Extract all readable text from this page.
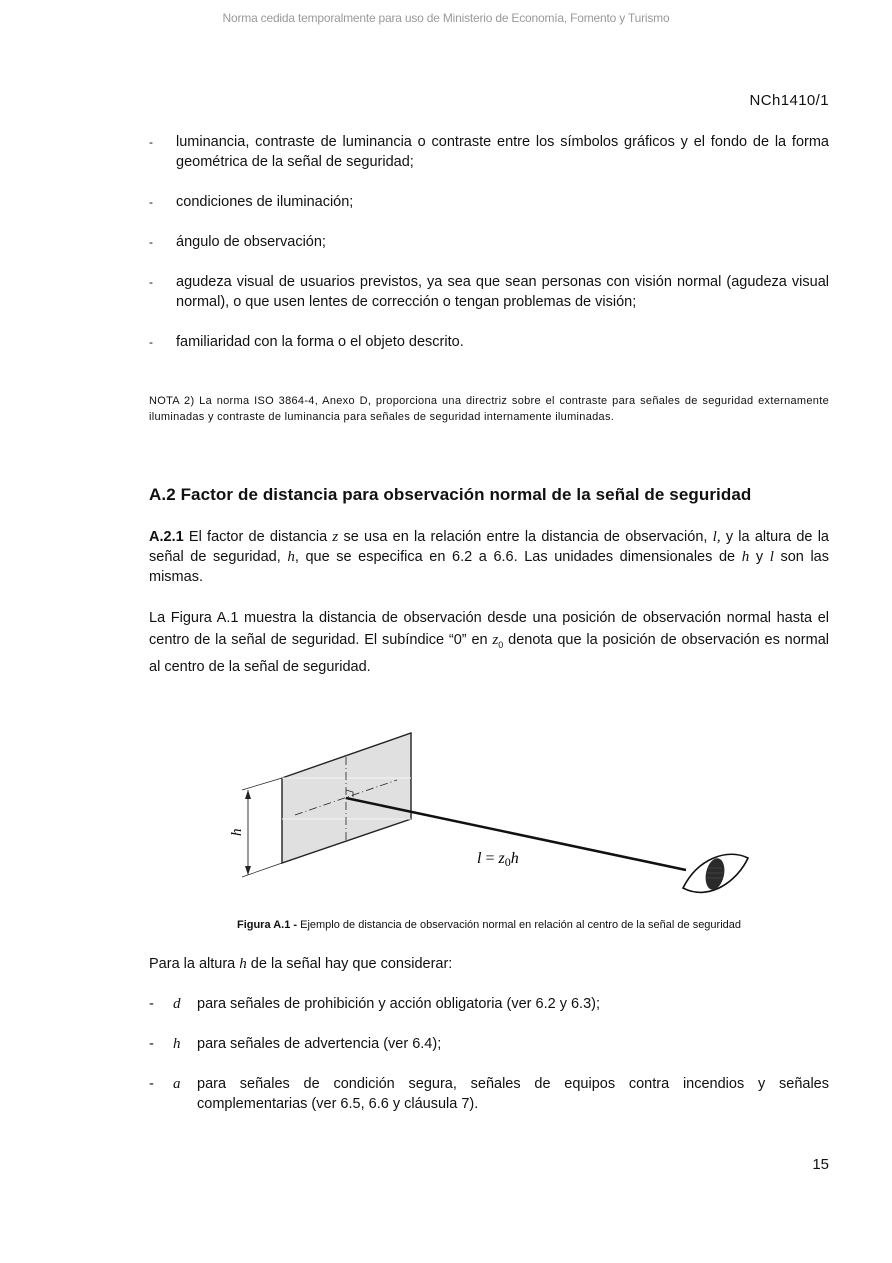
Norma cedida temporalmente para uso de Ministerio de Economía, Fomento y Turismo
NCh1410/1
- luminancia, contraste de luminancia o contraste entre los símbolos gráficos y el fondo de la forma geométrica de la señal de seguridad;
- condiciones de iluminación;
- ángulo de observación;
- agudeza visual de usuarios previstos, ya sea que sean personas con visión normal (agudeza visual normal), o que usen lentes de corrección o tengan problemas de visión;
- familiaridad con la forma o el objeto descrito.
NOTA 2) La norma ISO 3864-4, Anexo D, proporciona una directriz sobre el contraste para señales de seguridad externamente iluminadas y contraste de luminancia para señales de seguridad internamente iluminadas.
A.2 Factor de distancia para observación normal de la señal de seguridad
A.2.1 El factor de distancia z se usa en la relación entre la distancia de observación, l, y la altura de la señal de seguridad, h, que se especifica en 6.2 a 6.6. Las unidades dimensionales de h y l son las mismas.
La Figura A.1 muestra la distancia de observación desde una posición de observación normal hasta el centro de la señal de seguridad. El subíndice “0” en $z_0$ denota que la posición de observación es normal al centro de la señal de seguridad.
h
l = z0h
Figura A.1 - Ejemplo de distancia de observación normal en relación al centro de la señal de seguridad
Para la altura h de la señal hay que considerar:
- d para señales de prohibición y acción obligatoria (ver 6.2 y 6.3);
- h para señales de advertencia (ver 6.4);
- a para señales de condición segura, señales de equipos contra incendios y señales complementarias (ver 6.5, 6.6 y cláusula 7).
15
